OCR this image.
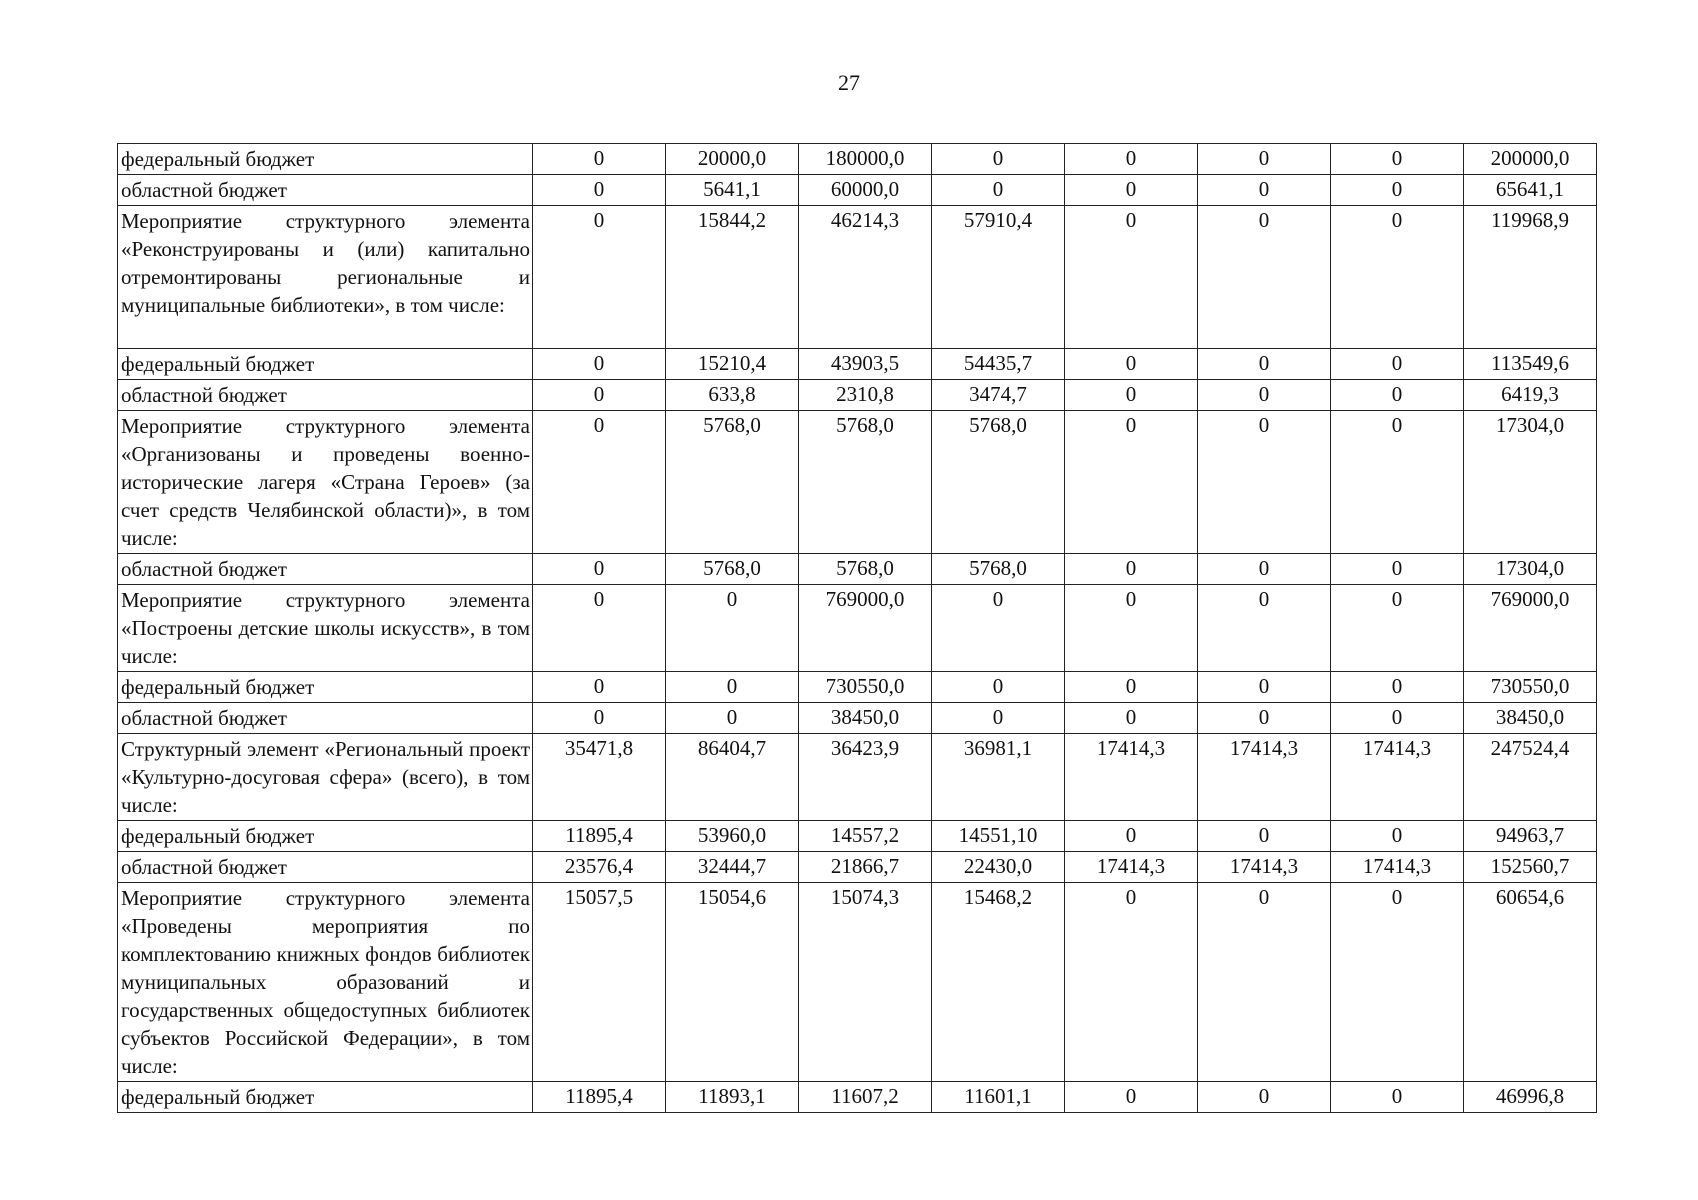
27
федеральный бюджет	0	20000,0	180000,0	0	0	0	0	200000,0
областной бюджет	0	5641,1	60000,0	0	0	0	0	65641,1
Мероприятие структурного элемента «Реконструированы и (или) капитально отремонтированы региональные и муниципальные библиотеки», в том числе:	0	15844,2	46214,3	57910,4	0	0	0	119968,9
федеральный бюджет	0	15210,4	43903,5	54435,7	0	0	0	113549,6
областной бюджет	0	633,8	2310,8	3474,7	0	0	0	6419,3
Мероприятие структурного элемента «Организованы и проведены военно-исторические лагеря «Страна Героев» (за счет средств Челябинской области)», в том числе:	0	5768,0	5768,0	5768,0	0	0	0	17304,0
областной бюджет	0	5768,0	5768,0	5768,0	0	0	0	17304,0
Мероприятие структурного элемента «Построены детские школы искусств», в том числе:	0	0	769000,0	0	0	0	0	769000,0
федеральный бюджет	0	0	730550,0	0	0	0	0	730550,0
областной бюджет	0	0	38450,0	0	0	0	0	38450,0
Структурный элемент «Региональный проект «Культурно-досуговая сфера» (всего), в том числе:	35471,8	86404,7	36423,9	36981,1	17414,3	17414,3	17414,3	247524,4
федеральный бюджет	11895,4	53960,0	14557,2	14551,10	0	0	0	94963,7
областной бюджет	23576,4	32444,7	21866,7	22430,0	17414,3	17414,3	17414,3	152560,7
Мероприятие структурного элемента «Проведены мероприятия по комплектованию книжных фондов библиотек муниципальных образований и государственных общедоступных библиотек субъектов Российской Федерации», в том числе:	15057,5	15054,6	15074,3	15468,2	0	0	0	60654,6
федеральный бюджет	11895,4	11893,1	11607,2	11601,1	0	0	0	46996,8
